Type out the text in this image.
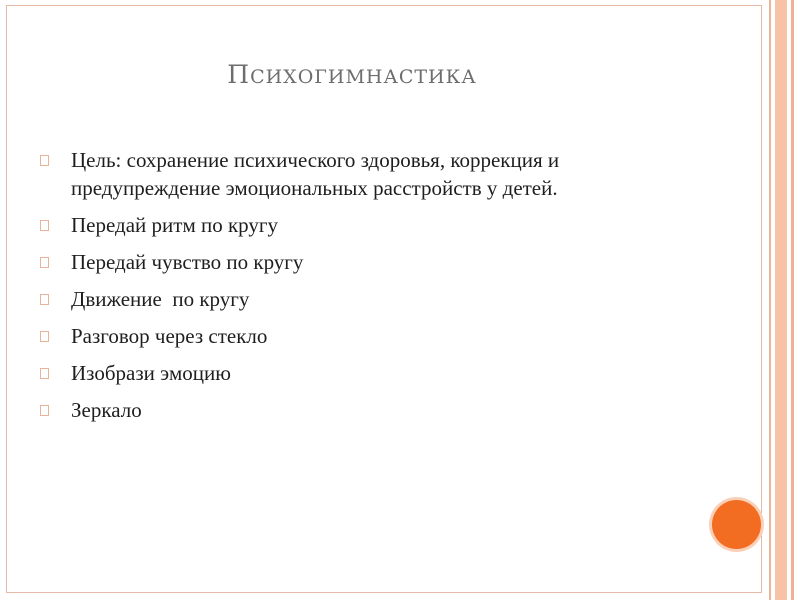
ПСИХОГИМНАСТИКА
Цель: сохранение психического здоровья, коррекция и предупреждение эмоциональных расстройств у детей.
Передай ритм по кругу
Передай чувство по кругу
Движение  по кругу
Разговор через стекло
Изобрази эмоцию
Зеркало
